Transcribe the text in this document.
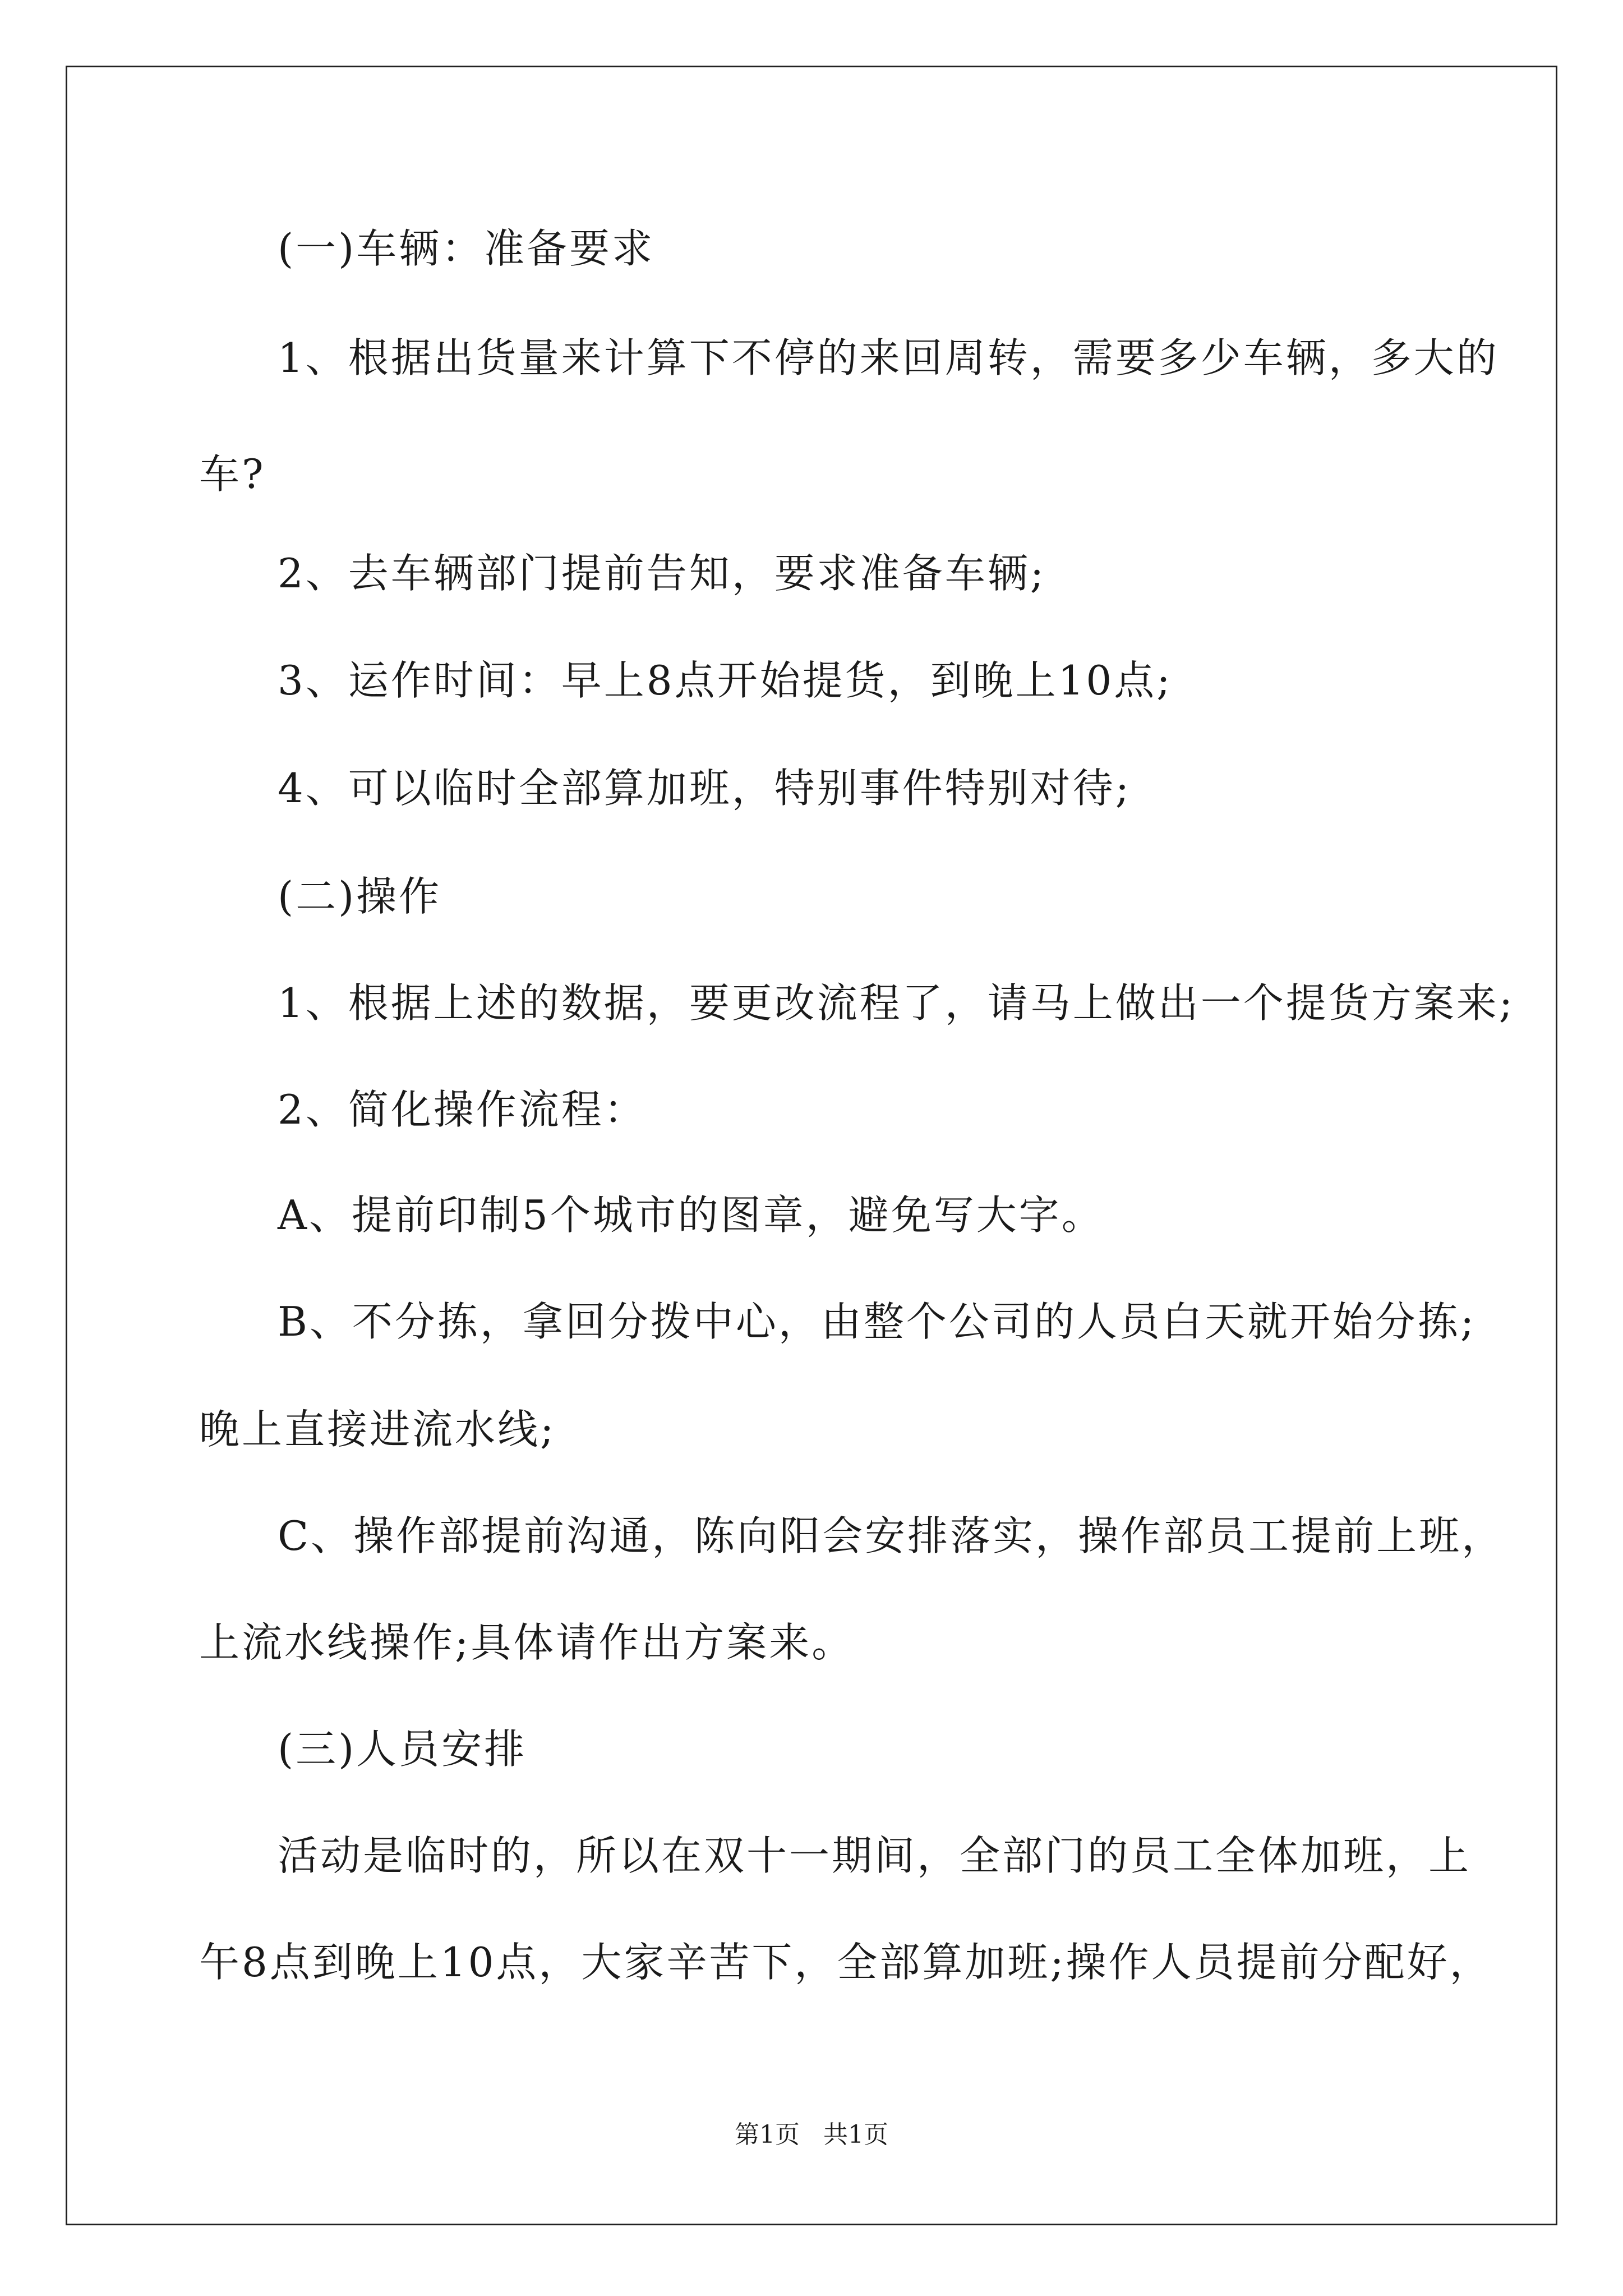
(一)车辆：准备要求
1、根据出货量来计算下不停的来回周转，需要多少车辆，多大的
车?
2、去车辆部门提前告知，要求准备车辆;
3、运作时间：早上8点开始提货，到晚上10点;
4、可以临时全部算加班，特别事件特别对待;
(二)操作
1、根据上述的数据，要更改流程了，请马上做出一个提货方案来;
2、简化操作流程：
A、提前印制5个城市的图章，避免写大字。
B、不分拣，拿回分拨中心，由整个公司的人员白天就开始分拣;
晚上直接进流水线;
C、操作部提前沟通，陈向阳会安排落实，操作部员工提前上班，
上流水线操作;具体请作出方案来。
(三)人员安排
活动是临时的，所以在双十一期间，全部门的员工全体加班，上
午8点到晚上10点，大家辛苦下，全部算加班;操作人员提前分配好，
第1页   共1页
